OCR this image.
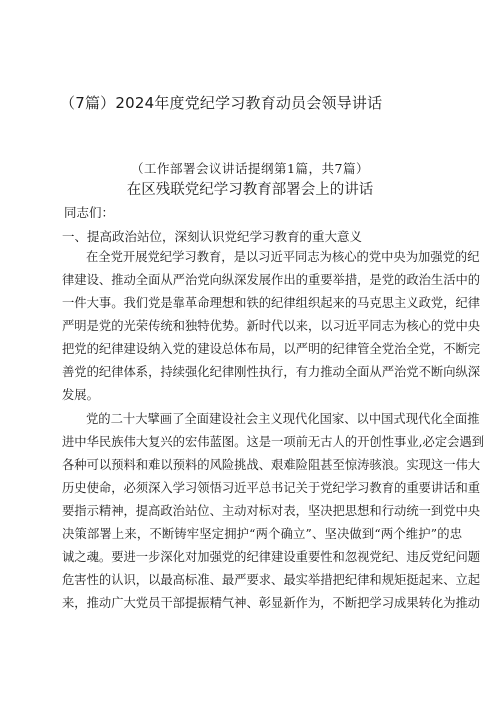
（7篇）2024年度党纪学习教育动员会领导讲话
（工作部署会议讲话提纲第1篇，共7篇）
在区残联党纪学习教育部署会上的讲话
同志们：
一、提高政治站位，深刻认识党纪学习教育的重大意义
在全党开展党纪学习教育，是以习近平同志为核心的党中央为加强党的纪
律建设、推动全面从严治党向纵深发展作出的重要举措，是党的政治生活中的
一件大事。我们党是靠革命理想和铁的纪律组织起来的马克思主义政党，纪律
严明是党的光荣传统和独特优势。新时代以来，以习近平同志为核心的党中央
把党的纪律建设纳入党的建设总体布局，以严明的纪律管全党治全党，不断完
善党的纪律体系，持续强化纪律刚性执行，有力推动全面从严治党不断向纵深
发展。
党的二十大擘画了全面建设社会主义现代化国家、以中国式现代化全面推
进中华民族伟大复兴的宏伟蓝图。这是一项前无古人的开创性事业,必定会遇到
各种可以预料和难以预料的风险挑战、艰难险阻甚至惊涛骇浪。实现这一伟大
历史使命，必须深入学习领悟习近平总书记关于党纪学习教育的重要讲话和重
要指示精神，提高政治站位、主动对标对表，坚决把思想和行动统一到党中央
决策部署上来，不断铸牢坚定拥护“两个确立”、坚决做到“两个维护”的忠
诚之魂。要进一步深化对加强党的纪律建设重要性和忽视党纪、违反党纪问题
危害性的认识，以最高标准、最严要求、最实举措把纪律和规矩挺起来、立起
来，推动广大党员干部提振精气神、彰显新作为，不断把学习成果转化为推动
